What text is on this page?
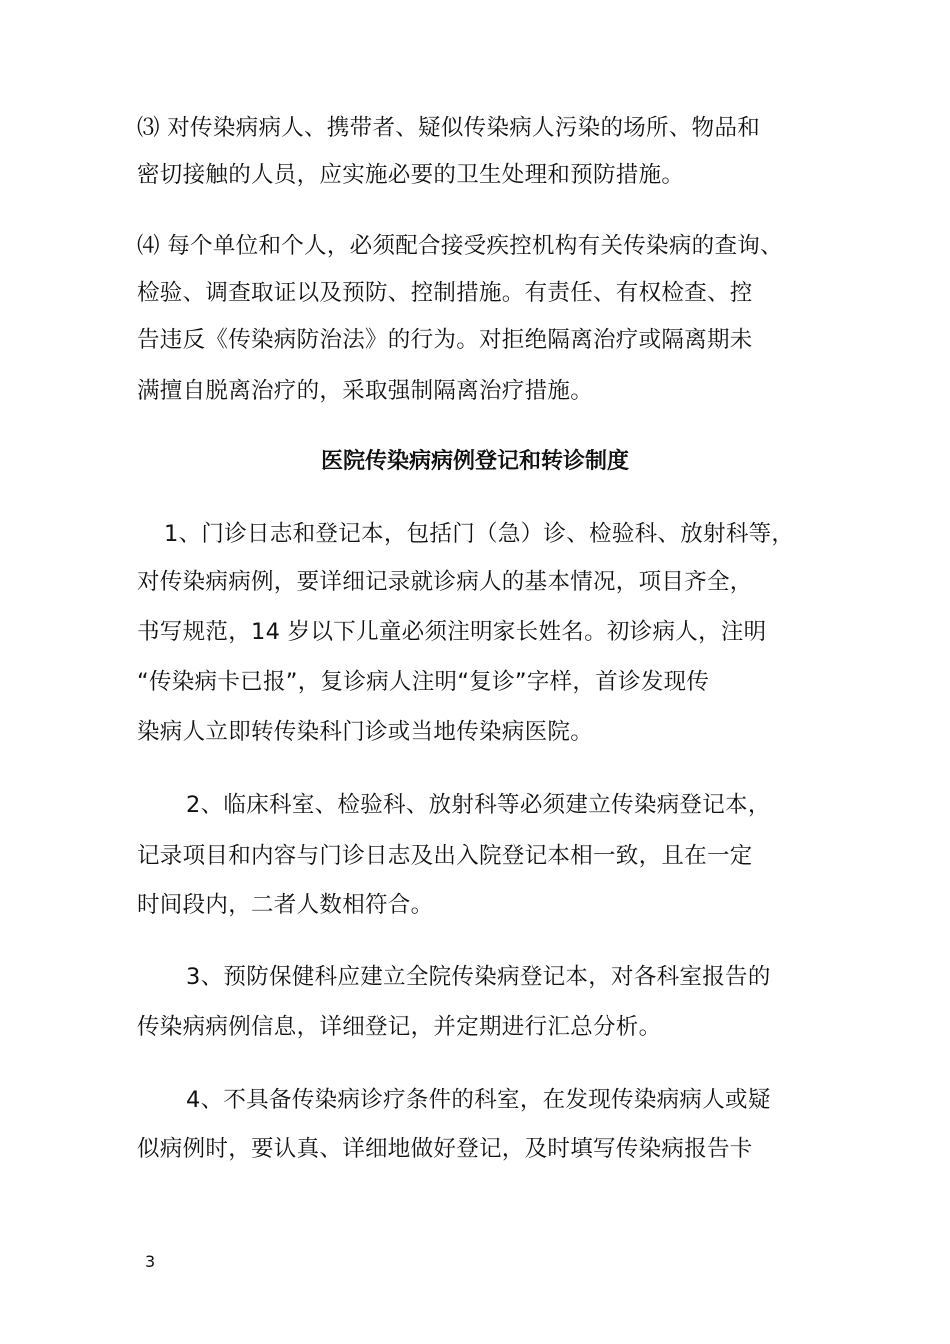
⑶ 对传染病病人、携带者、疑似传染病人污染的场所、物品和
密切接触的人员，应实施必要的卫生处理和预防措施。
⑷ 每个单位和个人，必须配合接受疾控机构有关传染病的查询、
检验、调查取证以及预防、控制措施。有责任、有权检查、控
告违反《传染病防治法》的行为。对拒绝隔离治疗或隔离期未
满擅自脱离治疗的，采取强制隔离治疗措施。
医院传染病病例登记和转诊制度
1、门诊日志和登记本，包括门（急）诊、检验科、放射科等，
对传染病病例，要详细记录就诊病人的基本情况，项目齐全，
书写规范，14 岁以下儿童必须注明家长姓名。初诊病人，注明
“传染病卡已报”，复诊病人注明“复诊”字样，首诊发现传
染病人立即转传染科门诊或当地传染病医院。
2、临床科室、检验科、放射科等必须建立传染病登记本，
记录项目和内容与门诊日志及出入院登记本相一致，且在一定
时间段内，二者人数相符合。
3、预防保健科应建立全院传染病登记本，对各科室报告的
传染病病例信息，详细登记，并定期进行汇总分析。
4、不具备传染病诊疗条件的科室，在发现传染病病人或疑
似病例时，要认真、详细地做好登记，及时填写传染病报告卡
3
